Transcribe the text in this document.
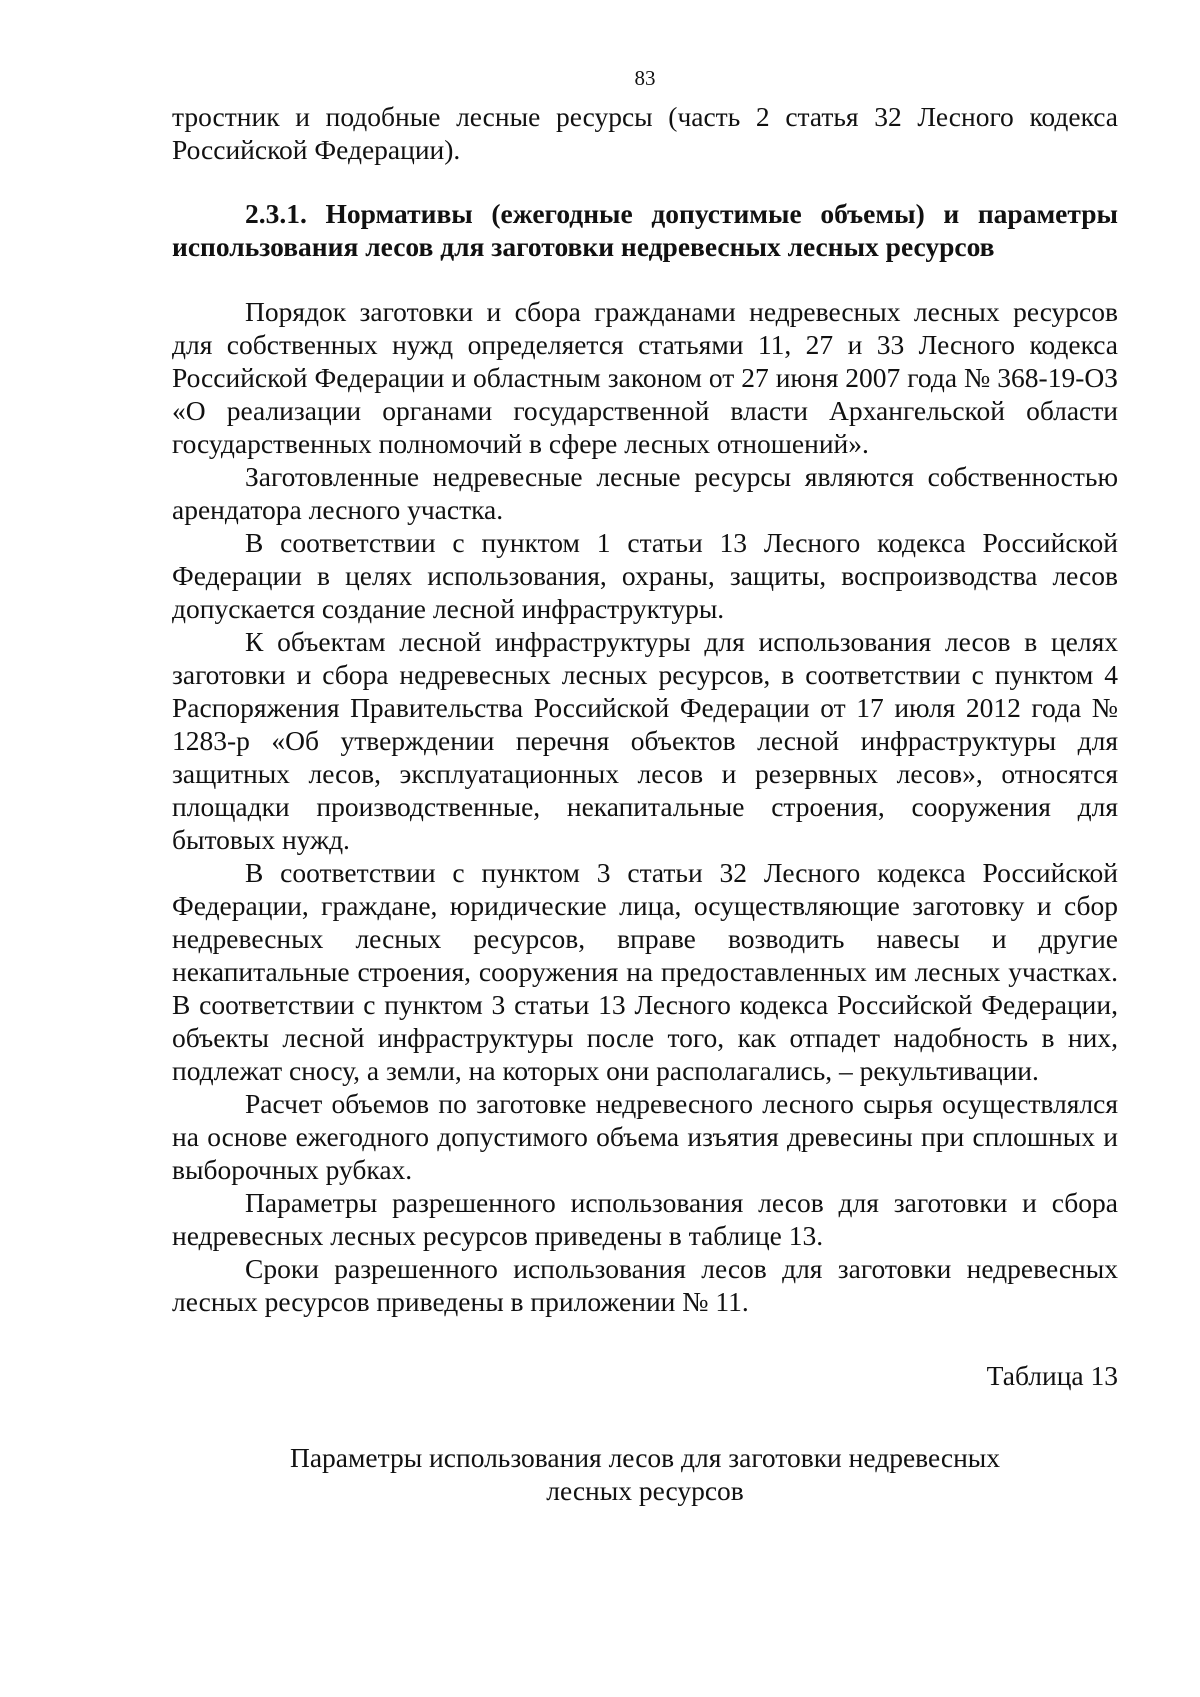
83

тростник и подобные лесные ресурсы (часть 2 статья 32 Лесного кодекса Российской Федерации).

2.3.1. Нормативы (ежегодные допустимые объемы) и параметры использования лесов для заготовки недревесных лесных ресурсов

Порядок заготовки и сбора гражданами недревесных лесных ресурсов для собственных нужд определяется статьями 11, 27 и 33 Лесного кодекса Российской Федерации и областным законом от 27 июня 2007 года № 368-19-ОЗ «О реализации органами государственной власти Архангельской области государственных полномочий в сфере лесных отношений».

Заготовленные недревесные лесные ресурсы являются собственностью арендатора лесного участка.

В соответствии с пунктом 1 статьи 13 Лесного кодекса Российской Федерации в целях использования, охраны, защиты, воспроизводства лесов допускается создание лесной инфраструктуры.

К объектам лесной инфраструктуры для использования лесов в целях заготовки и сбора недревесных лесных ресурсов, в соответствии с пунктом 4 Распоряжения Правительства Российской Федерации от 17 июля 2012 года № 1283-р «Об утверждении перечня объектов лесной инфраструктуры для защитных лесов, эксплуатационных лесов и резервных лесов», относятся площадки производственные, некапитальные строения, сооружения для бытовых нужд.

В соответствии с пунктом 3 статьи 32 Лесного кодекса Российской Федерации, граждане, юридические лица, осуществляющие заготовку и сбор недревесных лесных ресурсов, вправе возводить навесы и другие некапитальные строения, сооружения на предоставленных им лесных участках. В соответствии с пунктом 3 статьи 13 Лесного кодекса Российской Федерации, объекты лесной инфраструктуры после того, как отпадет надобность в них, подлежат сносу, а земли, на которых они располагались, – рекультивации.

Расчет объемов по заготовке недревесного лесного сырья осуществлялся на основе ежегодного допустимого объема изъятия древесины при сплошных и выборочных рубках.

Параметры разрешенного использования лесов для заготовки и сбора недревесных лесных ресурсов приведены в таблице 13.

Сроки разрешенного использования лесов для заготовки недревесных лесных ресурсов приведены в приложении № 11.

Таблица 13

Параметры использования лесов для заготовки недревесных лесных ресурсов
